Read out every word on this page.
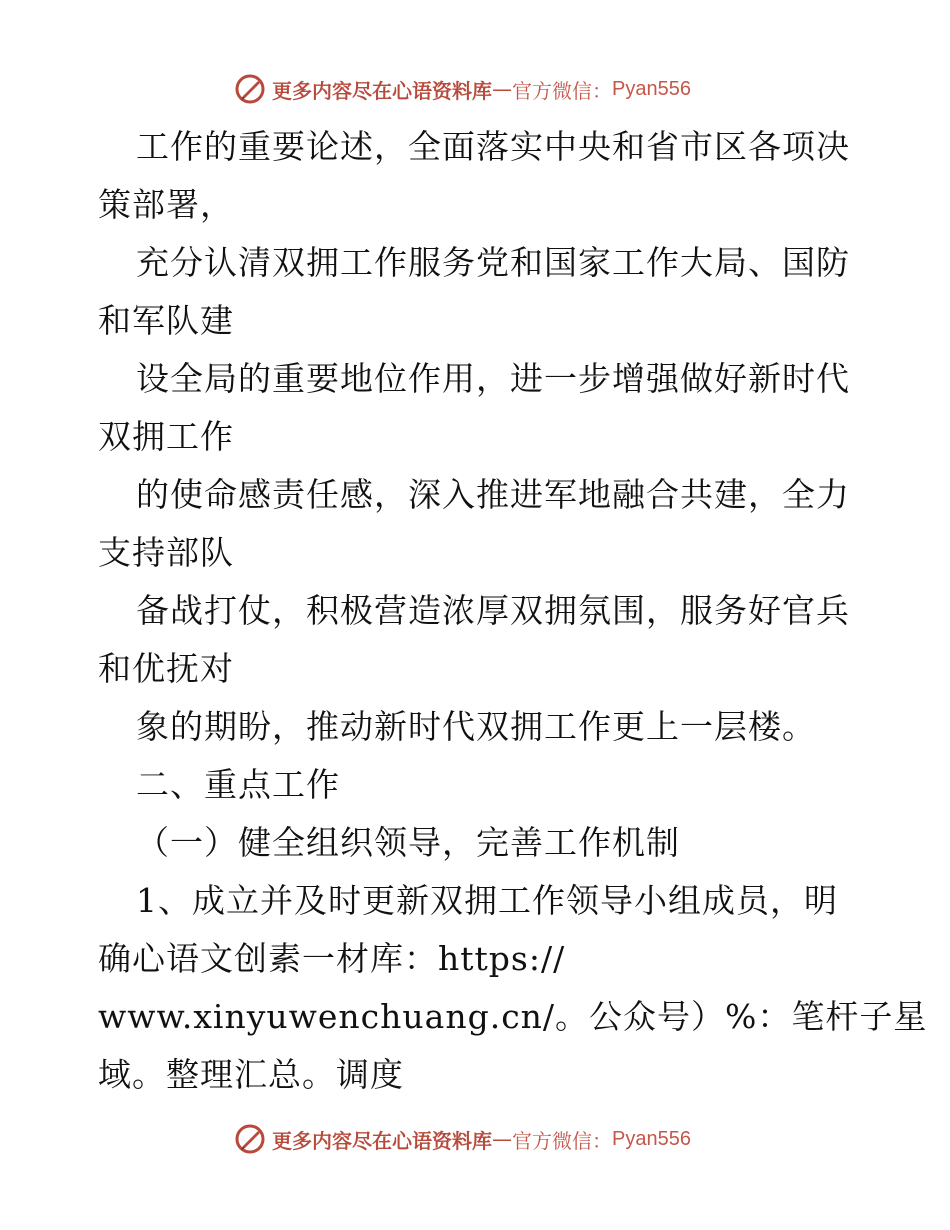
更多内容尽在心语资料库 — 官方微信： Pyan556
工作的重要论述，全面落实中央和省市区各项决
策部署，
充分认清双拥工作服务党和国家工作大局、国防
和军队建
设全局的重要地位作用，进一步增强做好新时代
双拥工作
的使命感责任感，深入推进军地融合共建，全力
支持部队
备战打仗，积极营造浓厚双拥氛围，服务好官兵
和优抚对
象的期盼，推动新时代双拥工作更上一层楼。
二、重点工作
（一）健全组织领导，完善工作机制
1、成立并及时更新双拥工作领导小组成员，明
确心语文创素一材库：https://
www.xinyuwenchuang.cn/。公众号）%：笔杆子星
域。整理汇总。调度
更多内容尽在心语资料库 — 官方微信： Pyan556
